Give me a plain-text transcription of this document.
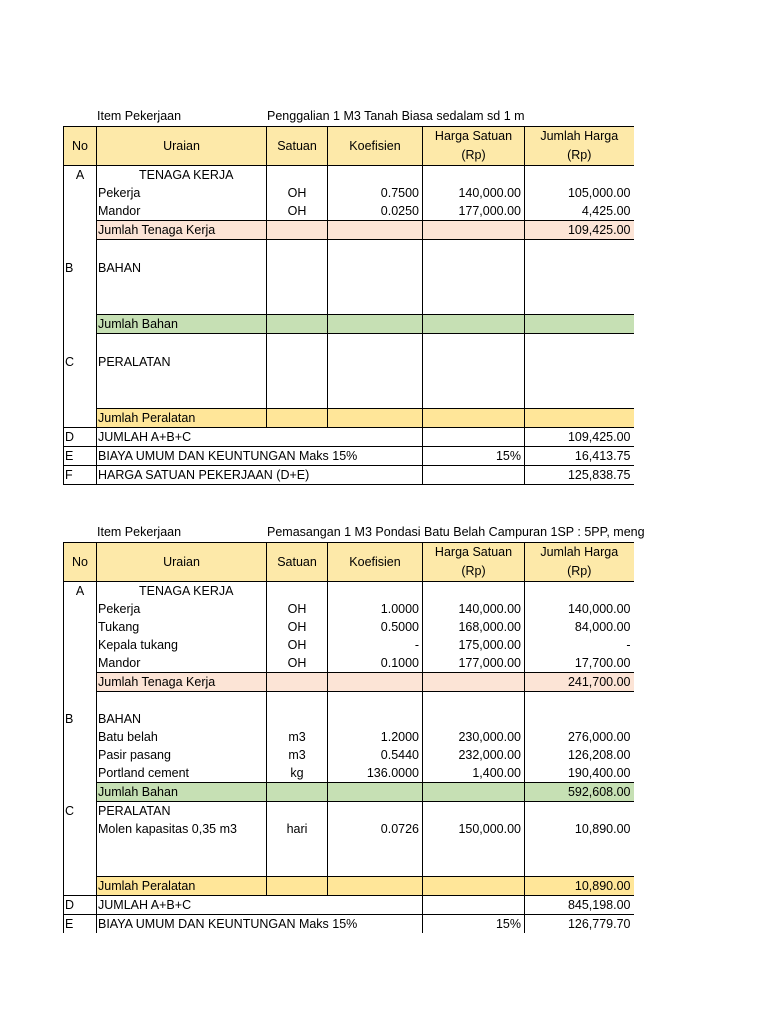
Item Pekerjaan	Penggalian 1 M3 Tanah Biasa sedalam sd 1 m
No	Uraian	Satuan	Koefisien	Harga Satuan (Rp)	Jumlah Harga (Rp)
A	TENAGA KERJA				
	Pekerja	OH	0.7500	140,000.00	105,000.00
	Mandor	OH	0.0250	177,000.00	4,425.00
	Jumlah Tenaga Kerja				109,425.00
B	BAHAN				

	Jumlah Bahan				
C	PERALATAN				

	Jumlah Peralatan				
D	JUMLAH A+B+C				109,425.00
E	BIAYA UMUM DAN KEUNTUNGAN Maks 15%			15%	16,413.75
F	HARGA SATUAN PEKERJAAN (D+E)				125,838.75
Item Pekerjaan	Pemasangan 1 M3 Pondasi Batu Belah Campuran 1SP : 5PP, meng
No	Uraian	Satuan	Koefisien	Harga Satuan (Rp)	Jumlah Harga (Rp)
A	TENAGA KERJA				
	Pekerja	OH	1.0000	140,000.00	140,000.00
	Tukang	OH	0.5000	168,000.00	84,000.00
	Kepala tukang	OH	-	175,000.00	-
	Mandor	OH	0.1000	177,000.00	17,700.00
	Jumlah Tenaga Kerja				241,700.00

B	BAHAN				
	Batu belah	m3	1.2000	230,000.00	276,000.00
	Pasir pasang	m3	0.5440	232,000.00	126,208.00
	Portland cement	kg	136.0000	1,400.00	190,400.00
	Jumlah Bahan				592,608.00
C	PERALATAN				
	Molen kapasitas 0,35 m3	hari	0.0726	150,000.00	10,890.00

	Jumlah Peralatan				10,890.00
D	JUMLAH A+B+C				845,198.00
E	BIAYA UMUM DAN KEUNTUNGAN Maks 15%			15%	126,779.70
